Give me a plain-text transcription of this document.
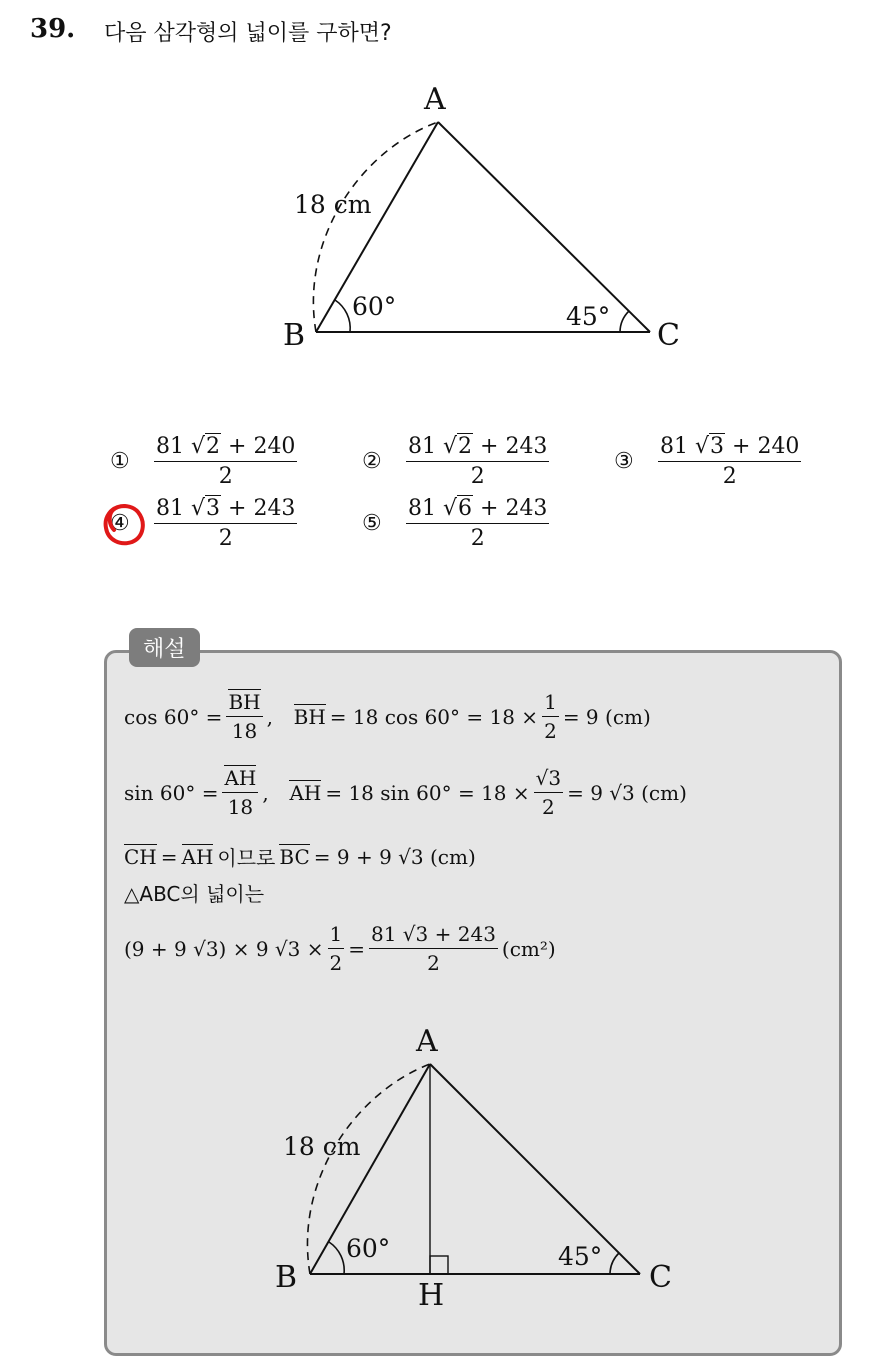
39. 다음 삼각형의 넓이를 구하면?
A
B	C
18 cm
60°	45°
①	$\frac{81 √2 + 240}{2}$	②	$\frac{81 √2 + 243}{2}$	③	$\frac{81 √3 + 240}{2}$
④	$\frac{81 √3 + 243}{2}$	⑤	$\frac{81 √6 + 243}{2}$
해설
$\cos 60^\circ = \frac{BH}{18}$ ,
BH = 18 $\cos 60^\circ = 18 \times \frac{1}{2} = 9$ (cm)
$\sin 60^\circ = \frac{AH}{18}$ ,
AH = 18 $\sin 60^\circ = 18 \times \frac{√3}{2} = 9$ √3 (cm)
CH = AH 이므로 BC = 9 + 9 √3 (cm)
△ABC의 넓이는
(9 + 9 √3) × 9 $√3 \times \frac{1}{2} = \frac{81 √3 + 243}{2} (cm^2)$
A
B	C
H
18 cm
60°	45°
